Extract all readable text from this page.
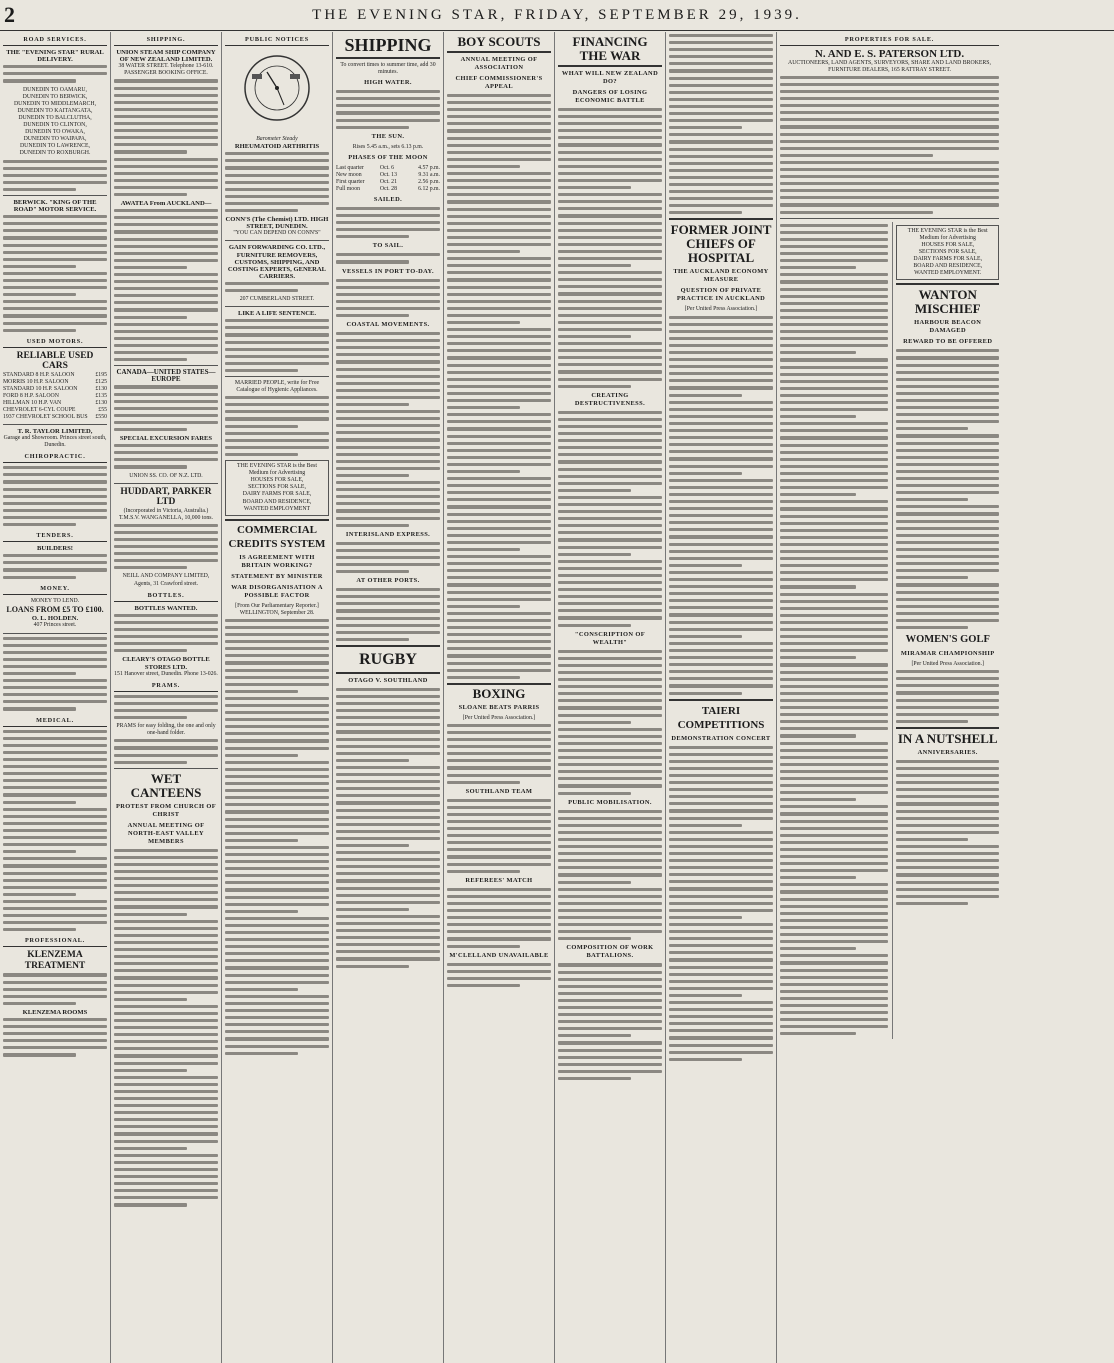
2	THE EVENING STAR, FRIDAY, SEPTEMBER 29, 1939.
ROAD SERVICES.
THE "EVENING STAR" RURAL DELIVERY.
DUNEDIN TO OAMARU,
DUNEDIN TO BERWICK,
DUNEDIN TO MIDDLEMARCH,
DUNEDIN TO KAITANGATA,
DUNEDIN TO BALCLUTHA,
DUNEDIN TO CLINTON,
DUNEDIN TO OWAKA,
DUNEDIN TO WAIPAPA,
DUNEDIN TO LAWRENCE,
DUNEDIN TO ROXBURGH.
BERWICK. "KING OF THE ROAD" MOTOR SERVICE.
USED MOTORS.
RELIABLE USED CARS
STANDARD 8 H.P. SALOON	£195
MORRIS 10 H.P. SALOON	£125
STANDARD 10 H.P. SALOON	£130
FORD 8 H.P. SALOON	£135
HILLMAN 10 H.P. VAN	£130
CHEVROLET 6-CYL COUPE	£55
1937 CHEVROLET SCHOOL BUS	£550
T. R. TAYLOR LIMITED,
Garage and Showroom. Princes street south, Dunedin.
CHIROPRACTIC.
TENDERS.
BUILDERS!
MONEY.
MONEY TO LEND.
LOANS FROM £5 TO £100.
O. L. HOLDEN.
407 Princes street.
MEDICAL.
PROFESSIONAL.
KLENZEMA TREATMENT
KLENZEMA ROOMS
SHIPPING.
UNION STEAM SHIP COMPANY OF NEW ZEALAND LIMITED.
38 WATER STREET. Telephone 13-610.
PASSENGER BOOKING OFFICE.
AWATEA From AUCKLAND—
CANADA—UNITED STATES—EUROPE
SPECIAL EXCURSION FARES
UNION SS. CO. OF N.Z. LTD.
HUDDART, PARKER LTD
(Incorporated in Victoria, Australia.)
T.M.S.V. WANGANELLA, 10,000 tons.
NEILL AND COMPANY LIMITED, Agents, 31 Crawford street.
BOTTLES.
BOTTLES WANTED.
CLEARY'S OTAGO BOTTLE STORES LTD.
151 Hanover street, Dunedin. Phone 13-026.
PRAMS.
PRAMS for easy folding, the one and only one-hand folder.
WET CANTEENS
PROTEST FROM CHURCH OF CHRIST
ANNUAL MEETING OF NORTH-EAST VALLEY MEMBERS
PUBLIC NOTICES
Barometer Steady
RHEUMATOID ARTHRITIS
CONN'S (The Chemist) LTD. HIGH STREET, DUNEDIN.
"YOU CAN DEPEND ON CONN'S"
GAIN FORWARDING CO. LTD., FURNITURE REMOVERS, CUSTOMS, SHIPPING, AND COSTING EXPERTS, GENERAL CARRIERS.
207 CUMBERLAND STREET.
LIKE A LIFE SENTENCE.
MARRIED PEOPLE, write for Free Catalogue of Hygienic Appliances.
THE EVENING STAR is the Best Medium for Advertising
HOUSES FOR SALE,
SECTIONS FOR SALE,
DAIRY FARMS FOR SALE,
BOARD AND RESIDENCE,
WANTED EMPLOYMENT
COMMERCIAL CREDITS SYSTEM
IS AGREEMENT WITH BRITAIN WORKING?
STATEMENT BY MINISTER
WAR DISORGANISATION A POSSIBLE FACTOR
[From Our Parliamentary Reporter.]
WELLINGTON, September 28.
SHIPPING
To convert times to summer time, add 30 minutes.
HIGH WATER.
THE SUN.
Rises 5.45 a.m., sets 6.13 p.m.
PHASES OF THE MOON
Last quarter	Oct. 6	4.57 p.m.
New moon	Oct. 13	9.31 a.m.
First quarter	Oct. 21	2.56 p.m.
Full moon	Oct. 28	6.12 p.m.
SAILED.
TO SAIL.
VESSELS IN PORT TO-DAY.
COASTAL MOVEMENTS.
INTERISLAND EXPRESS.
AT OTHER PORTS.
RUGBY
OTAGO V. SOUTHLAND
BOY SCOUTS
ANNUAL MEETING OF ASSOCIATION
CHIEF COMMISSIONER'S APPEAL
BOXING
SLOANE BEATS PARRIS
[Per United Press Association.]
SOUTHLAND TEAM
REFEREES' MATCH
M'CLELLAND UNAVAILABLE
FINANCING THE WAR
WHAT WILL NEW ZEALAND DO?
DANGERS OF LOSING ECONOMIC BATTLE
CREATING DESTRUCTIVENESS.
"CONSCRIPTION OF WEALTH"
PUBLIC MOBILISATION.
COMPOSITION OF WORK BATTALIONS.
FORMER JOINT CHIEFS OF HOSPITAL
THE AUCKLAND ECONOMY MEASURE
QUESTION OF PRIVATE PRACTICE IN AUCKLAND
[Per United Press Association.]
TAIERI COMPETITIONS
DEMONSTRATION CONCERT
PROPERTIES FOR SALE.
N. AND E. S. PATERSON LTD.
AUCTIONEERS, LAND AGENTS, SURVEYORS, SHARE AND LAND BROKERS, FURNITURE DEALERS, 165 RATTRAY STREET.
THE EVENING STAR is the Best Medium for Advertising
HOUSES FOR SALE,
SECTIONS FOR SALE,
DAIRY FARMS FOR SALE,
BOARD AND RESIDENCE,
WANTED EMPLOYMENT.
WANTON MISCHIEF
HARBOUR BEACON DAMAGED
REWARD TO BE OFFERED
WOMEN'S GOLF
MIRAMAR CHAMPIONSHIP
[Per United Press Association.]
IN A NUTSHELL
ANNIVERSARIES.
